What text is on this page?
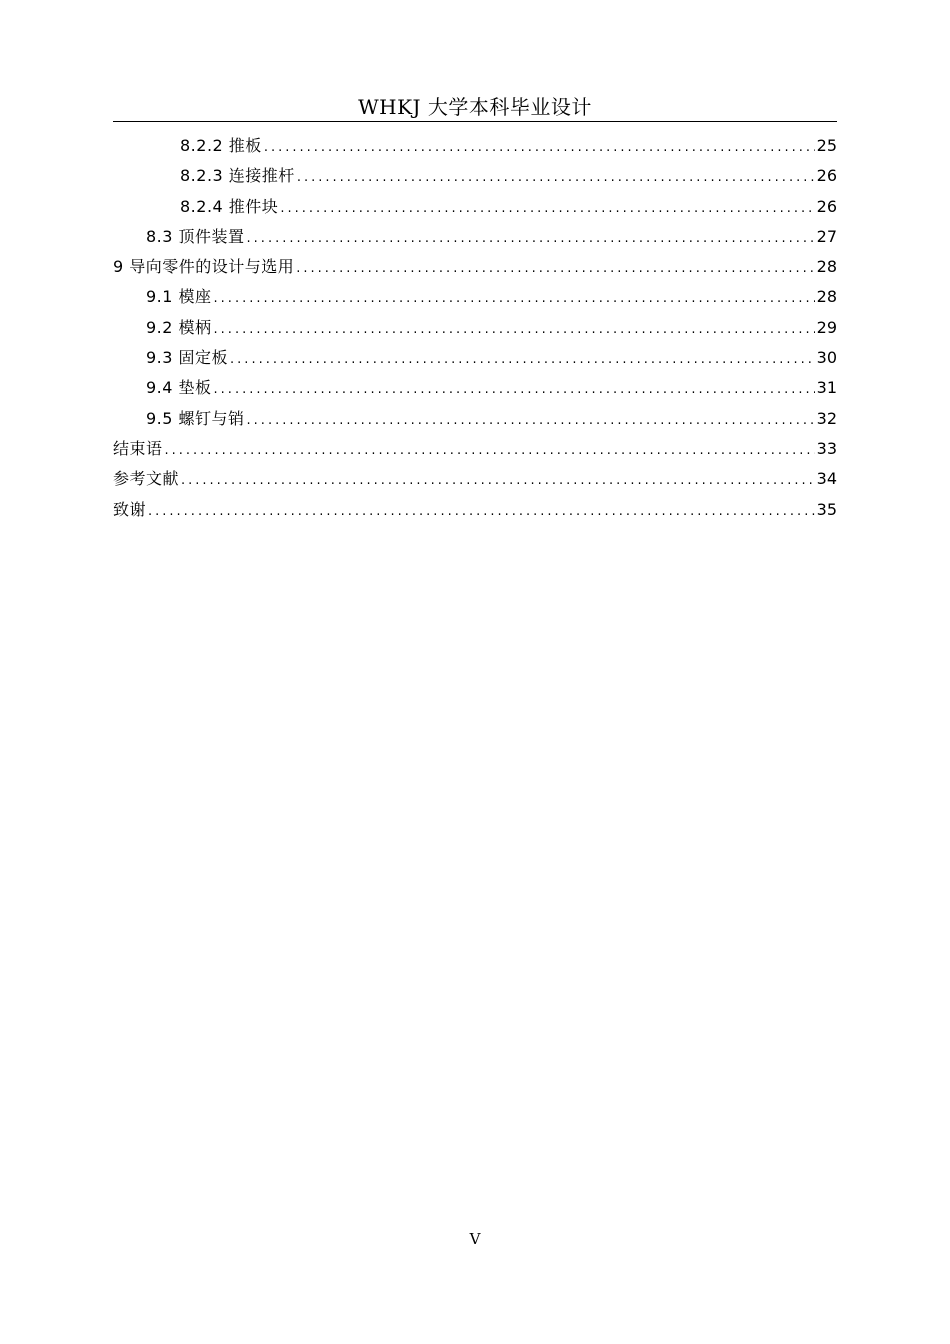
WHKJ 大学本科毕业设计
8.2.2 推板 .....	25
8.2.3 连接推杆 .....	26
8.2.4 推件块 .....	26
8.3 顶件装置 .....	27
9 导向零件的设计与选用 .....	28
9.1 模座 .....	28
9.2 模柄 .....	29
9.3 固定板 .....	30
9.4 垫板 .....	31
9.5 螺钉与销 .....	32
结束语 .....	33
参考文献 .....	34
致谢 .....	35
V
